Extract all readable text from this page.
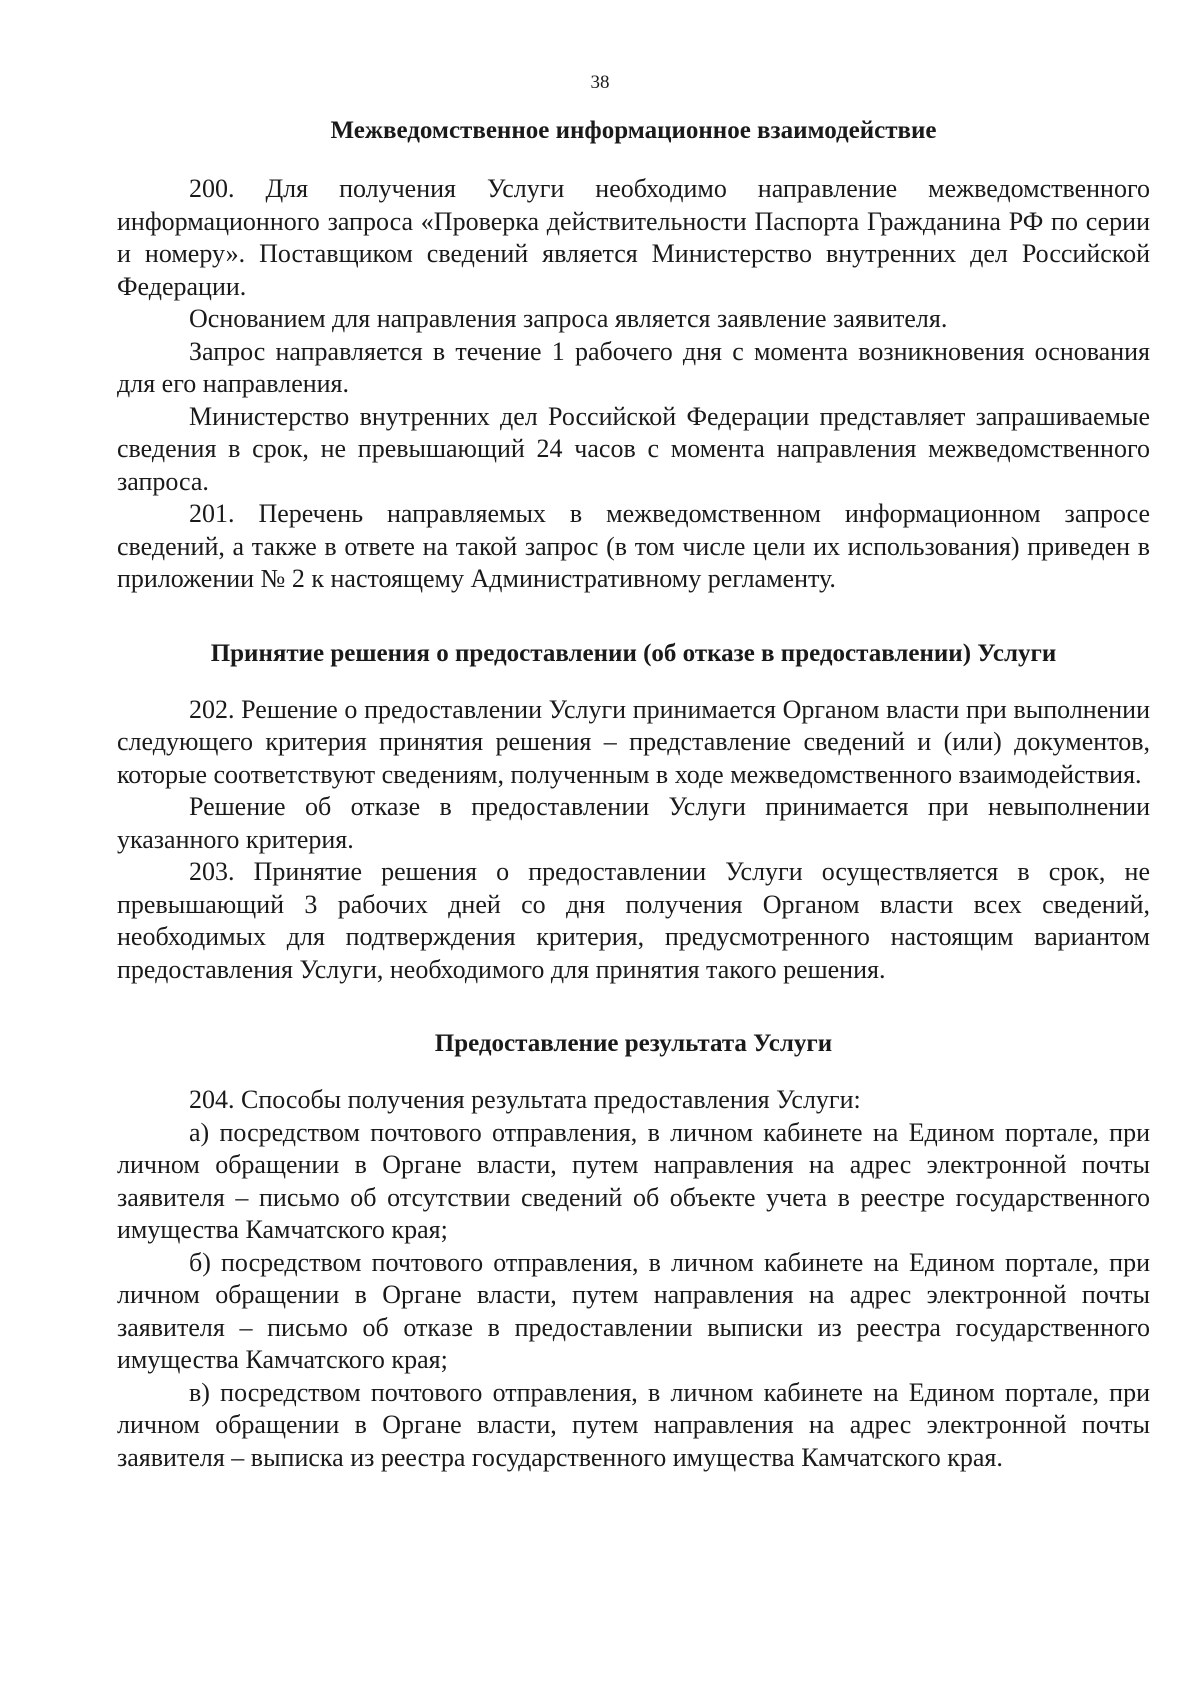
38
Межведомственное информационное взаимодействие

200. Для получения Услуги необходимо направление межведомственного информационного запроса «Проверка действительности Паспорта Гражданина РФ по серии и номеру». Поставщиком сведений является Министерство внутренних дел Российской Федерации.

Основанием для направления запроса является заявление заявителя.

Запрос направляется в течение 1 рабочего дня с момента возникновения основания для его направления.

Министерство внутренних дел Российской Федерации представляет запрашиваемые сведения в срок, не превышающий 24 часов с момента направления межведомственного запроса.

201. Перечень направляемых в межведомственном информационном запросе сведений, а также в ответе на такой запрос (в том числе цели их использования) приведен в приложении № 2 к настоящему Административному регламенту.

Принятие решения о предоставлении (об отказе в предоставлении) Услуги

202. Решение о предоставлении Услуги принимается Органом власти при выполнении следующего критерия принятия решения – представление сведений и (или) документов, которые соответствуют сведениям, полученным в ходе межведомственного взаимодействия.

Решение об отказе в предоставлении Услуги принимается при невыполнении указанного критерия.

203. Принятие решения о предоставлении Услуги осуществляется в срок, не превышающий 3 рабочих дней со дня получения Органом власти всех сведений, необходимых для подтверждения критерия, предусмотренного настоящим вариантом предоставления Услуги, необходимого для принятия такого решения.

Предоставление результата Услуги

204. Способы получения результата предоставления Услуги:

а) посредством почтового отправления, в личном кабинете на Едином портале, при личном обращении в Органе власти, путем направления на адрес электронной почты заявителя – письмо об отсутствии сведений об объекте учета в реестре государственного имущества Камчатского края;

б) посредством почтового отправления, в личном кабинете на Едином портале, при личном обращении в Органе власти, путем направления на адрес электронной почты заявителя – письмо об отказе в предоставлении выписки из реестра государственного имущества Камчатского края;

в) посредством почтового отправления, в личном кабинете на Едином портале, при личном обращении в Органе власти, путем направления на адрес электронной почты заявителя – выписка из реестра государственного имущества Камчатского края.
